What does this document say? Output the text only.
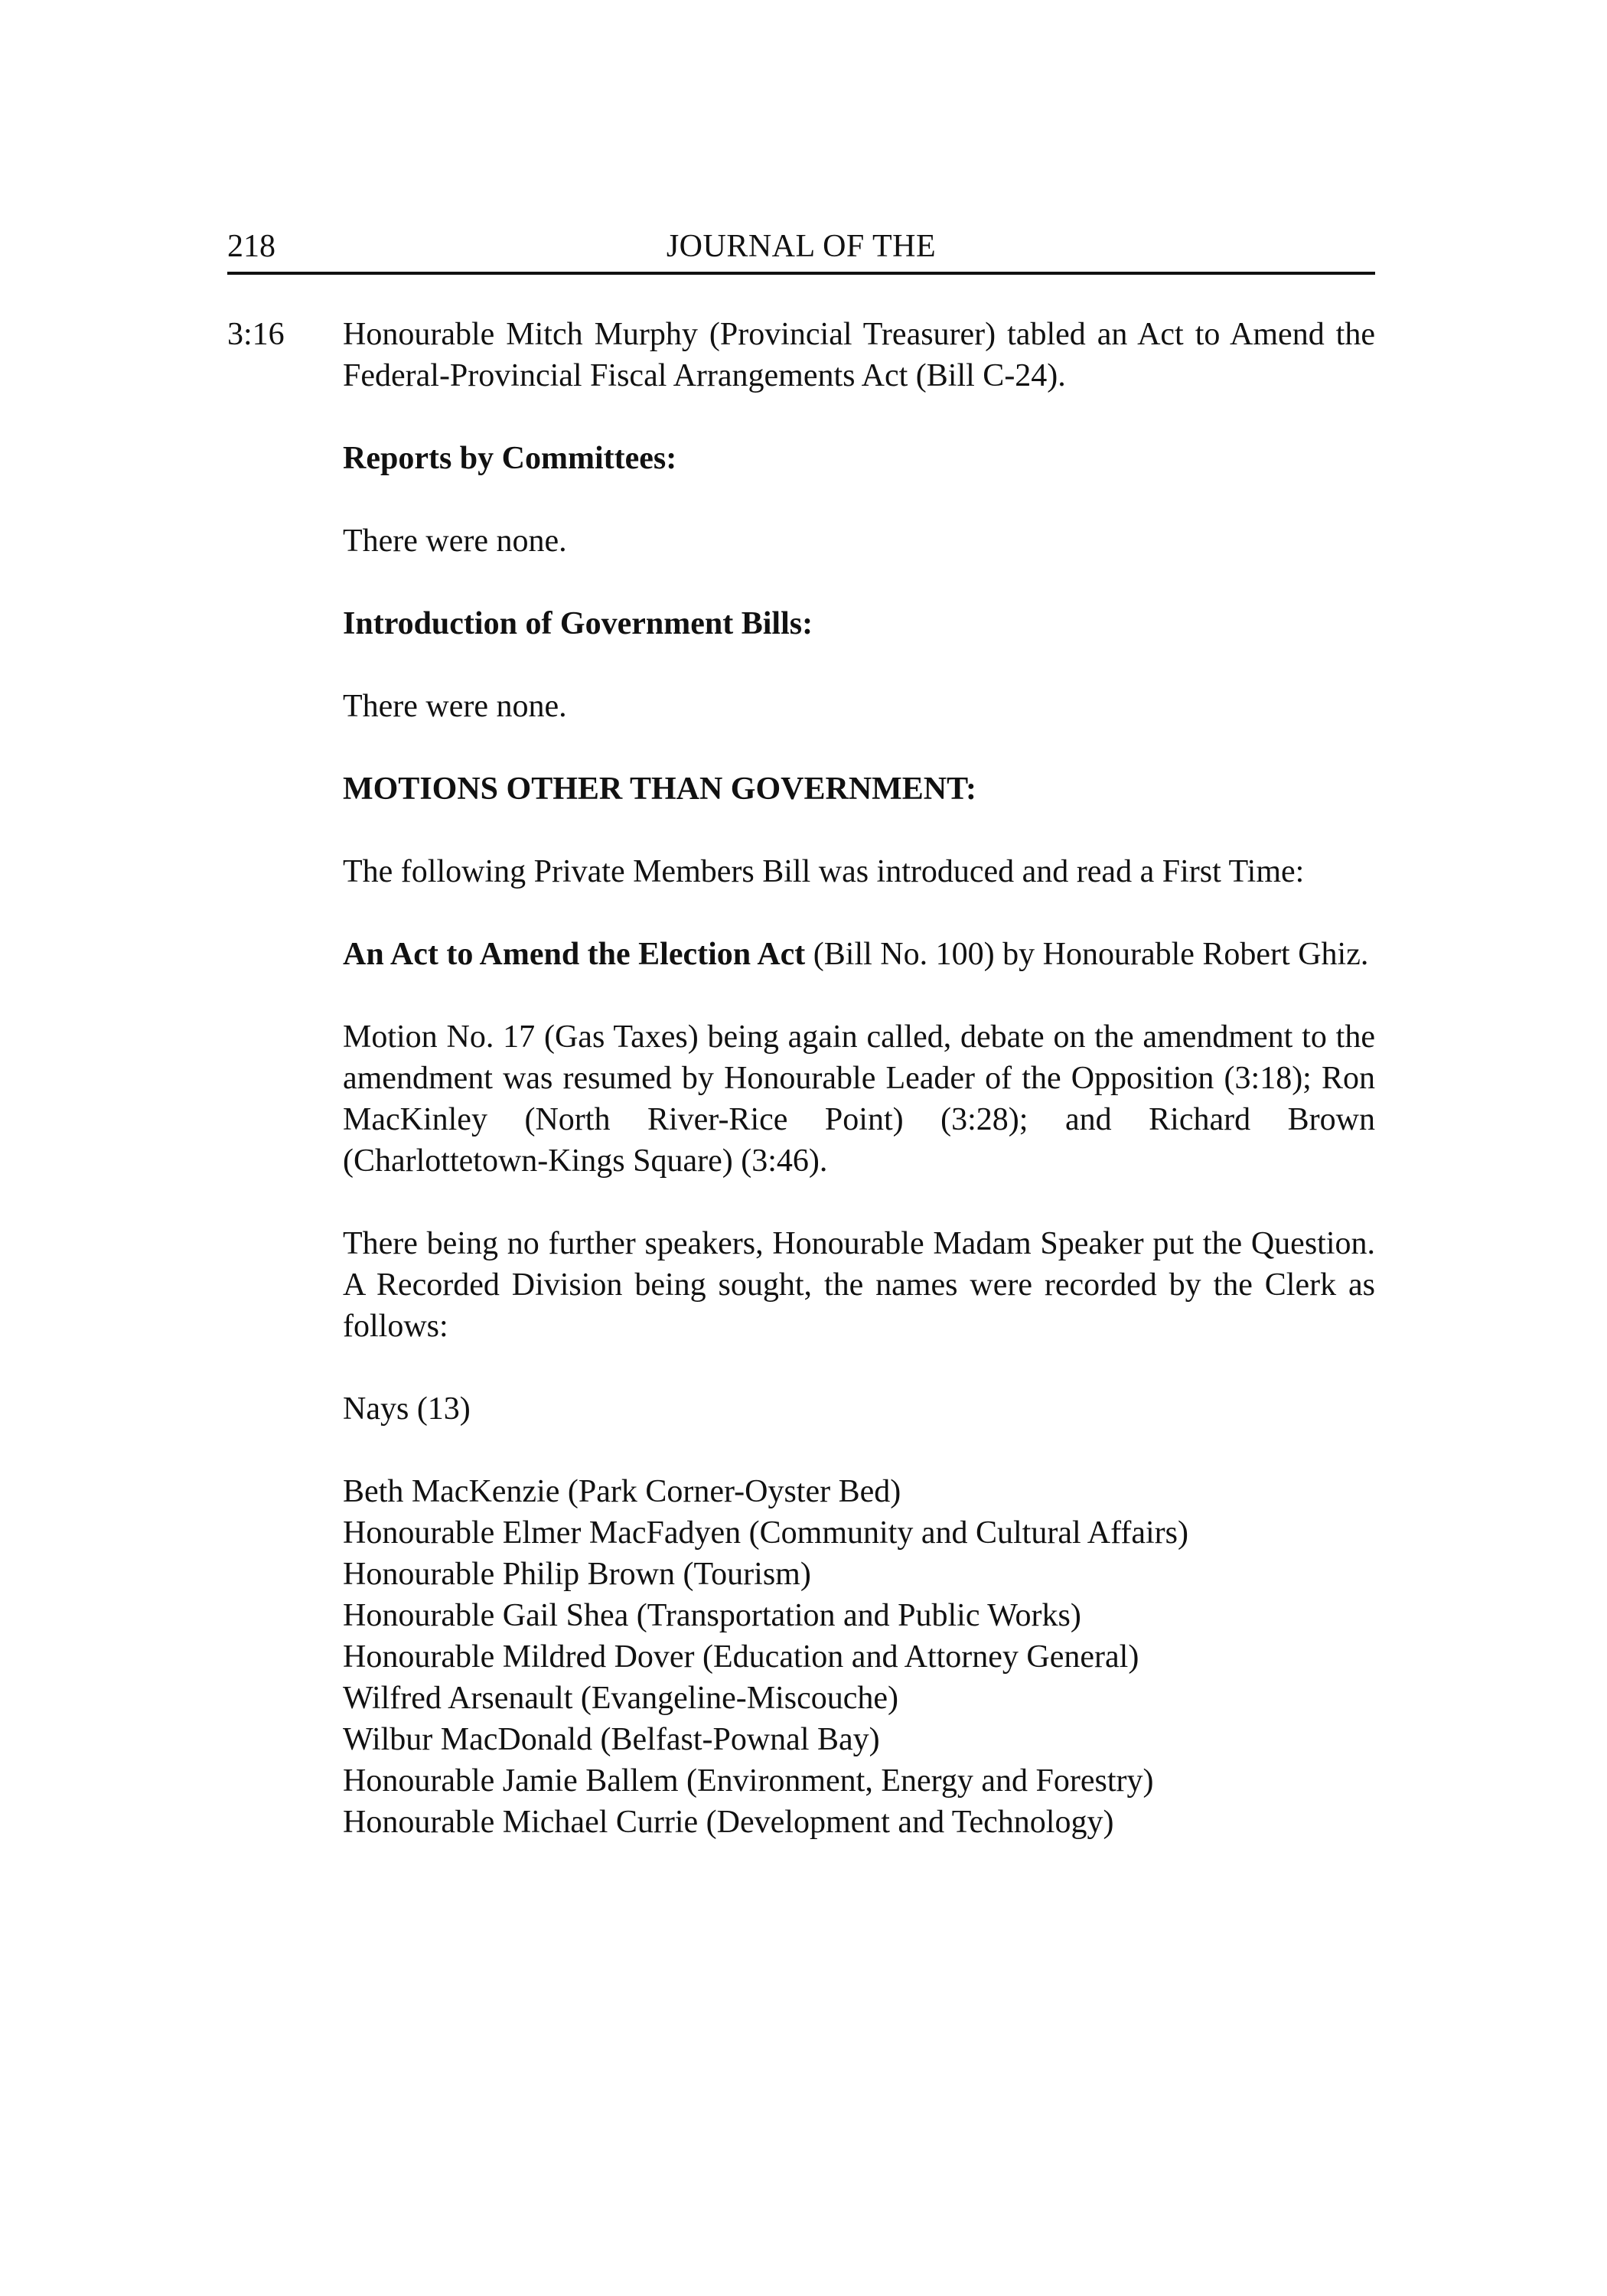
218	JOURNAL OF THE
3:16 Honourable Mitch Murphy (Provincial Treasurer) tabled an Act to Amend the Federal-Provincial Fiscal Arrangements Act (Bill C-24).

Reports by Committees:

There were none.

Introduction of Government Bills:

There were none.

MOTIONS OTHER THAN GOVERNMENT:

The following Private Members Bill was introduced and read a First Time:

An Act to Amend the Election Act (Bill No. 100) by Honourable Robert Ghiz.

Motion No. 17 (Gas Taxes) being again called, debate on the amendment to the amendment was resumed by Honourable Leader of the Opposition (3:18); Ron MacKinley (North River-Rice Point) (3:28); and Richard Brown (Charlottetown-Kings Square) (3:46).

There being no further speakers, Honourable Madam Speaker put the Question. A Recorded Division being sought, the names were recorded by the Clerk as follows:

Nays (13)

Beth MacKenzie (Park Corner-Oyster Bed)
Honourable Elmer MacFadyen (Community and Cultural Affairs)
Honourable Philip Brown (Tourism)
Honourable Gail Shea (Transportation and Public Works)
Honourable Mildred Dover (Education and Attorney General)
Wilfred Arsenault (Evangeline-Miscouche)
Wilbur MacDonald (Belfast-Pownal Bay)
Honourable Jamie Ballem (Environment, Energy and Forestry)
Honourable Michael Currie (Development and Technology)
